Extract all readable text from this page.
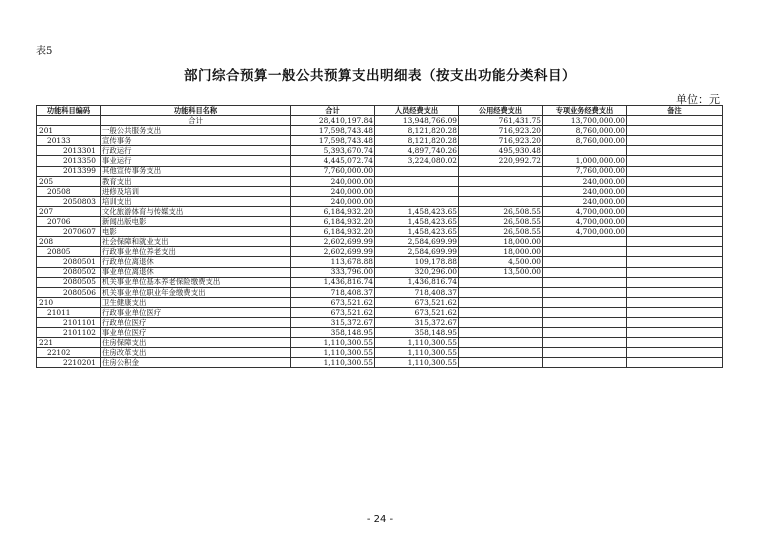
表5
部门综合预算一般公共预算支出明细表（按支出功能分类科目）
单位：元
功能科目编码	功能科目名称	合计	人员经费支出	公用经费支出	专项业务经费支出	备注
	合计	28,410,197.84	13,948,766.09	761,431.75	13,700,000.00	
201	一般公共服务支出	17,598,743.48	8,121,820.28	716,923.20	8,760,000.00	
20133	宣传事务	17,598,743.48	8,121,820.28	716,923.20	8,760,000.00	
2013301	行政运行	5,393,670.74	4,897,740.26	495,930.48		
2013350	事业运行	4,445,072.74	3,224,080.02	220,992.72	1,000,000.00	
2013399	其他宣传事务支出	7,760,000.00			7,760,000.00	
205	教育支出	240,000.00			240,000.00	
20508	进修及培训	240,000.00			240,000.00	
2050803	培训支出	240,000.00			240,000.00	
207	文化旅游体育与传媒支出	6,184,932.20	1,458,423.65	26,508.55	4,700,000.00	
20706	新闻出版电影	6,184,932.20	1,458,423.65	26,508.55	4,700,000.00	
2070607	电影	6,184,932.20	1,458,423.65	26,508.55	4,700,000.00	
208	社会保障和就业支出	2,602,699.99	2,584,699.99	18,000.00		
20805	行政事业单位养老支出	2,602,699.99	2,584,699.99	18,000.00		
2080501	行政单位离退休	113,678.88	109,178.88	4,500.00		
2080502	事业单位离退休	333,796.00	320,296.00	13,500.00		
2080505	机关事业单位基本养老保险缴费支出	1,436,816.74	1,436,816.74			
2080506	机关事业单位职业年金缴费支出	718,408.37	718,408.37			
210	卫生健康支出	673,521.62	673,521.62			
21011	行政事业单位医疗	673,521.62	673,521.62			
2101101	行政单位医疗	315,372.67	315,372.67			
2101102	事业单位医疗	358,148.95	358,148.95			
221	住房保障支出	1,110,300.55	1,110,300.55			
22102	住房改革支出	1,110,300.55	1,110,300.55			
2210201	住房公积金	1,110,300.55	1,110,300.55			
- 24 -
